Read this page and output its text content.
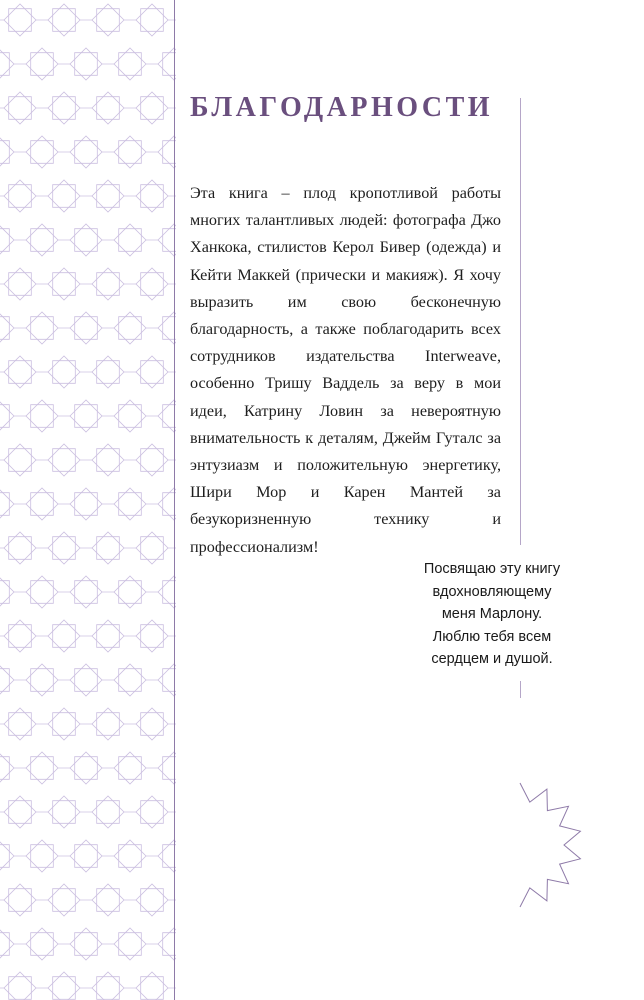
БЛАГОДАРНОСТИ

Эта книга – плод кропотливой работы многих талантливых людей: фотографа Джо Ханкока, стилистов Керол Бивер (одежда) и Кейти Маккей (прически и макияж). Я хочу выразить им свою бесконечную благодарность, а также поблагодарить всех сотрудников издательства Interweave, особенно Тришу Ваддель за веру в мои идеи, Катрину Ловин за невероятную внимательность к деталям, Джейм Гуталс за энтузиазм и положительную энергетику, Шири Мор и Карен Мантей за безукоризненную технику и профессионализм!

Посвящаю эту книгу
вдохновляющему
меня Марлону.
Люблю тебя всем
сердцем и душой.
